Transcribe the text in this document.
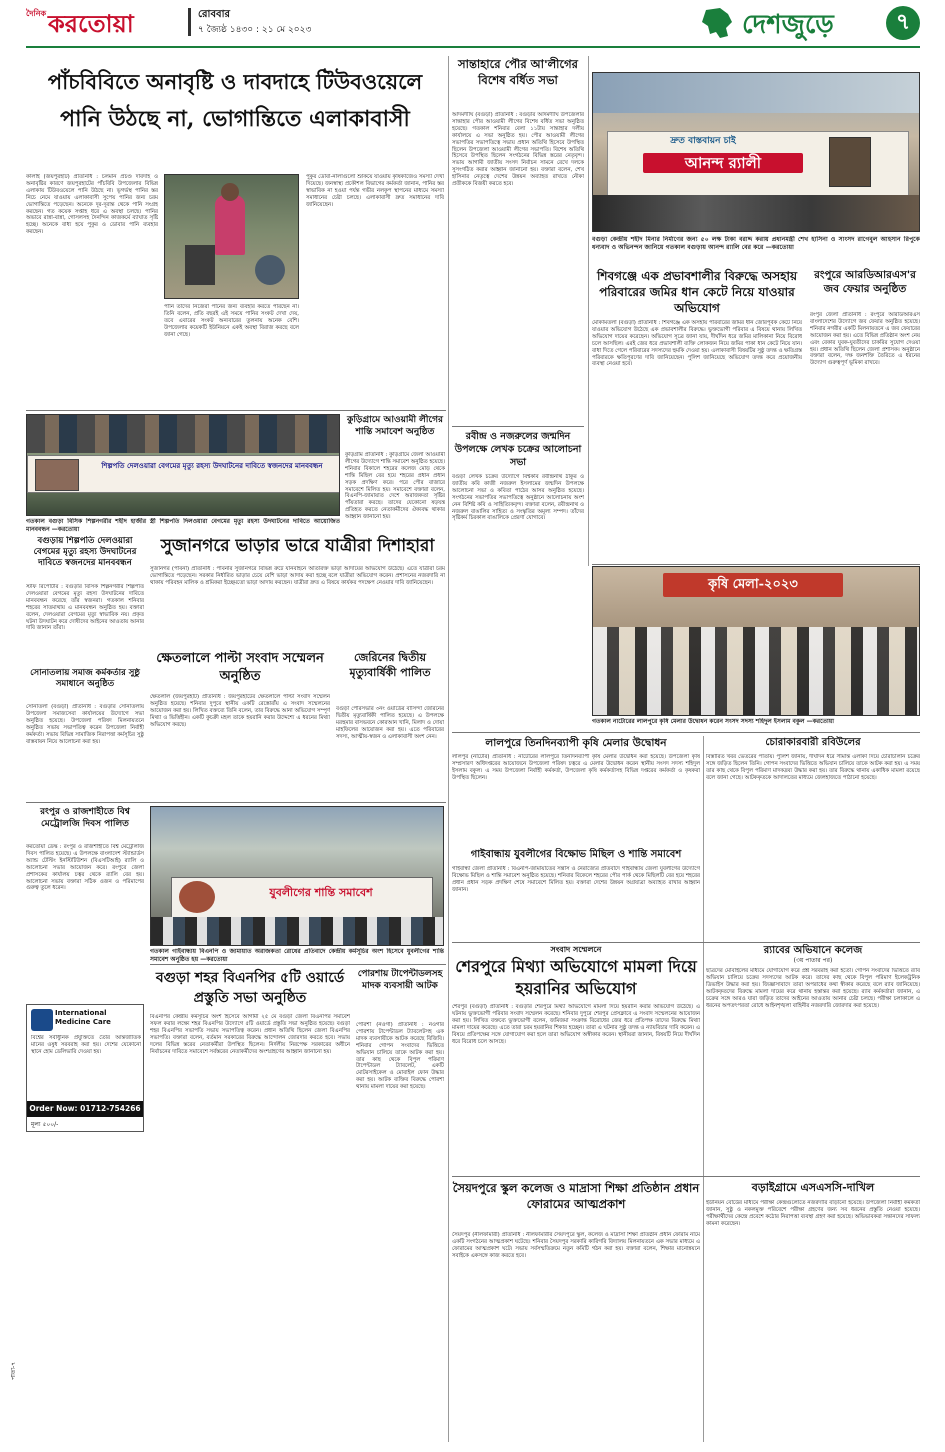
দৈনিক করতোয়া	রোববার
৭ জ্যৈষ্ঠ ১৪৩০ : ২১ মে ২০২৩	দেশজুড়ে	৭
পাঁচবিবিতে অনাবৃষ্টি ও দাবদাহে টিউবওয়েলে
পানি উঠছে না, ভোগান্তিতে এলাকাবাসী
কালাই (জয়পুরহাট) প্রতিনিধি : চলমান প্রচণ্ড দাবদাহ ও অনাবৃষ্টির কারণে জয়পুরহাটের পাঁচবিবি উপজেলার বিভিন্ন এলাকায় টিউবওয়েলে পানি উঠছে না। ভূগর্ভস্থ পানির স্তর নিচে নেমে যাওয়ায় এলাকাবাসী সুপেয় পানির জন্য চরম ভোগান্তিতে পড়েছেন। অনেকে দূর-দূরান্ত থেকে পানি সংগ্রহ করছেন। গত কয়েক সপ্তাহ ধরে এ অবস্থা চলছে। পানির অভাবে রান্না-বান্না, গোসলসহ দৈনন্দিন কাজকর্মে ব্যাঘাত সৃষ্টি হচ্ছে। অনেকে বাধ্য হয়ে পুকুর ও ডোবার পানি ব্যবহার করছেন।
পানি তাদের নিজেরা পানের জন্য ব্যবহার করতে পারছেন না। তিনি বলেন, প্রতি বছরই এই সময়ে পানির সংকট দেখা দেয়, তবে এবারের সংকট অন্যবারের তুলনায় অনেক বেশি। উপজেলার কয়েকটি ইউনিয়নে একই অবস্থা বিরাজ করছে বলে জানা গেছে।
পুকুর ডোবা-নালাগুলো শুকিয়ে যাওয়ায় কৃষিকাজেও সমস্যা দেখা দিয়েছে। জনস্বাস্থ্য প্রকৌশল বিভাগের কর্মকর্তা জানান, পানির স্তর স্বাভাবিক না হওয়া পর্যন্ত গভীর নলকূপ স্থাপনের মাধ্যমে সমস্যা সমাধানের চেষ্টা চলছে। এলাকাবাসী দ্রুত সমাধানের দাবি জানিয়েছেন।
সান্তাহারে পৌর আ'লীগের বিশেষ বর্ধিত সভা
আদমদীঘি (বগুড়া) প্রতিনিধি : বগুড়ার আদমদীঘি উপজেলার সান্তাহার পৌর আওয়ামী লীগের বিশেষ বর্ধিত সভা অনুষ্ঠিত হয়েছে। গতকাল শনিবার বেলা ১১টায় সান্তাহার দলীয় কার্যালয়ে এ সভা অনুষ্ঠিত হয়। পৌর আওয়ামী লীগের সভাপতির সভাপতিত্বে সভায় প্রধান অতিথি হিসেবে উপস্থিত ছিলেন উপজেলা আওয়ামী লীগের সভাপতি। বিশেষ অতিথি হিসেবে উপস্থিত ছিলেন সংগঠনের বিভিন্ন স্তরের নেতৃবৃন্দ। সভায় আগামী জাতীয় সংসদ নির্বাচন সামনে রেখে দলকে সুসংগঠিত করার আহ্বান জানানো হয়। বক্তারা বলেন, শেখ হাসিনার নেতৃত্বে দেশের উন্নয়ন অব্যাহত রাখতে নৌকা প্রতীককে বিজয়ী করতে হবে।
দ্রুত বাস্তবায়ন চাই
আনন্দ র‌্যালী
বগুড়া কেন্দ্রীয় শহীদ মিনার নির্মাণের জন্য ৫০ লক্ষ টাকা বরাদ্দ করায় প্রধানমন্ত্রী শেখ হাসিনা ও সাংসদ রাগেবুল আহসান রিপুকে ধন্যবাদ ও অভিনন্দন জানিয়ে গতকাল বগুড়ায় আনন্দ র‌্যালি বের করে —করতোয়া
শিবগঞ্জে এক প্রভাবশালীর বিরুদ্ধে অসহায় পরিবারের জমির ধান কেটে নিয়ে যাওয়ার অভিযোগ
মোকামতলা (বগুড়া) প্রতিনিধি : শিবগঞ্জে এক অসহায় পরিবারের জমির ধান জোরপূর্বক কেটে নিয়ে যাওয়ার অভিযোগ উঠেছে এক প্রভাবশালীর বিরুদ্ধে। ভুক্তভোগী পরিবার এ বিষয়ে থানায় লিখিত অভিযোগ দায়ের করেছেন। অভিযোগ সূত্রে জানা যায়, দীর্ঘদিন ধরে জমির মালিকানা নিয়ে বিরোধ চলে আসছিল। এরই জের ধরে প্রভাবশালী ব্যক্তি লোকজন নিয়ে জমির পাকা ধান কেটে নিয়ে যান। বাধা দিতে গেলে পরিবারের সদস্যদের হুমকি দেওয়া হয়। এলাকাবাসী বিষয়টির সুষ্ঠু তদন্ত ও ক্ষতিগ্রস্ত পরিবারকে ক্ষতিপূরণের দাবি জানিয়েছেন। পুলিশ জানিয়েছে অভিযোগ তদন্ত করে প্রয়োজনীয় ব্যবস্থা নেওয়া হবে।
রংপুরে আরডিআরএস'র জব ফেয়ার অনুষ্ঠিত
রংপুর জেলা প্রতিনিধি : রংপুরে আরডিআরএস বাংলাদেশের উদ্যোগে জব ফেয়ার অনুষ্ঠিত হয়েছে। শনিবার নগরীর একটি মিলনায়তনে এ জব ফেয়ারের আয়োজন করা হয়। এতে বিভিন্ন প্রতিষ্ঠান অংশ নেয় এবং বেকার যুবক-যুবতীদের চাকরির সুযোগ দেওয়া হয়। প্রধান অতিথি ছিলেন জেলা প্রশাসক। অনুষ্ঠানে বক্তারা বলেন, দক্ষ জনশক্তি তৈরিতে এ ধরনের উদ্যোগ গুরুত্বপূর্ণ ভূমিকা রাখবে।
শিল্পপতি দেলওয়ারা বেগমের মৃত্যু রহস্য উদঘাটনের দাবিতে স্বজনদের মানববন্ধন
গতকাল বগুড়া বিসিক শিল্পনগরীর শহীদ হাজীর স্ত্রী শিল্পপতি দিলওয়ারা বেগমের মৃত্যু রহস্য উদঘাটনের দাবিতে আয়োজিত মানববন্ধন —করতোয়া
কুড়িগ্রামে আওয়ামী লীগের শান্তি সমাবেশ অনুষ্ঠিত
কুড়িগ্রাম প্রতিনিধি : কুড়িগ্রামে জেলা আওয়ামী লীগের উদ্যোগে শান্তি সমাবেশ অনুষ্ঠিত হয়েছে। শনিবার বিকালে শহরের কলেজ মোড় থেকে শান্তি মিছিল বের হয়ে শহরের প্রধান প্রধান সড়ক প্রদক্ষিণ করে। পরে পৌর বাজারে সমাবেশে মিলিত হয়। সমাবেশে বক্তারা বলেন, বিএনপি-জামায়াত দেশে অরাজকতা সৃষ্টির পাঁয়তারা করছে। তাদের যেকোনো ষড়যন্ত্র প্রতিহত করতে নেতাকর্মীদের ঐক্যবদ্ধ থাকার আহ্বান জানানো হয়।
রবীন্দ্র ও নজরুলের জন্মদিন উপলক্ষে লেখক চক্রের আলোচনা সভা
বগুড়া লেখক চক্রের উদ্যোগে বিশ্বকবি রবীন্দ্রনাথ ঠাকুর ও জাতীয় কবি কাজী নজরুল ইসলামের জন্মদিন উপলক্ষে আলোচনা সভা ও কবিতা পাঠের আসর অনুষ্ঠিত হয়েছে। সংগঠনের সভাপতির সভাপতিত্বে অনুষ্ঠানে আলোচনায় অংশ নেন বিশিষ্ট কবি ও সাহিত্যিকবৃন্দ। বক্তারা বলেন, রবীন্দ্রনাথ ও নজরুল বাঙালির সাহিত্য ও সংস্কৃতির অমূল্য সম্পদ। তাঁদের সৃষ্টিকর্ম চিরকাল বাঙালিকে প্রেরণা যোগাবে।
সুজানগরে ভাড়ার ভারে যাত্রীরা দিশাহারা
সুজানগর (পাবনা) প্রতিনিধি : পাবনার সুজানগরে বিভিন্ন রুটে যানবাহনে অতিরিক্ত ভাড়া আদায়ের অভিযোগ উঠেছে। এতে যাত্রীরা চরম ভোগান্তিতে পড়েছেন। সরকার নির্ধারিত ভাড়ার চেয়ে বেশি ভাড়া আদায় করা হচ্ছে বলে যাত্রীরা অভিযোগ করেন। প্রশাসনের নজরদারি না থাকায় পরিবহন মালিক ও শ্রমিকরা ইচ্ছেমতো ভাড়া আদায় করছেন। যাত্রীরা দ্রুত এ বিষয়ে কার্যকর পদক্ষেপ নেওয়ার দাবি জানিয়েছেন।
বগুড়ায় শিল্পপতি দেলওয়ারা বেগমের মৃত্যু রহস্য উদঘাটনের দাবিতে স্বজনদের মানববন্ধন
স্টাফ রিপোর্টার : বগুড়ার বিসিক শিল্পনগরীর শিল্পপতি দেলওয়ারা বেগমের মৃত্যু রহস্য উদঘাটনের দাবিতে মানববন্ধন করেছে তাঁর স্বজনরা। গতকাল শনিবার শহরের সাতমাথায় এ মানববন্ধন অনুষ্ঠিত হয়। বক্তারা বলেন, দেলওয়ারা বেগমের মৃত্যু স্বাভাবিক নয়। প্রকৃত ঘটনা উদঘাটন করে দোষীদের আইনের আওতায় আনার দাবি জানান তাঁরা।
কৃষি মেলা-২০২৩
গতকাল নাটোরের লালপুরে কৃষি মেলার উদ্বোধন করেন সংসদ সদস্য শহিদুল ইসলাম বকুল —করতোয়া
সোনাতলায় সমাজ কর্মকর্তার সুষ্ঠু সমাধানে অনুষ্ঠিত
সোনাতলা (বগুড়া) প্রতিনিধি : বগুড়ার সোনাতলায় উপজেলা সমাজসেবা কার্যালয়ের উদ্যোগে সভা অনুষ্ঠিত হয়েছে। উপজেলা পরিষদ মিলনায়তনে অনুষ্ঠিত সভায় সভাপতিত্ব করেন উপজেলা নির্বাহী কর্মকর্তা। সভায় বিভিন্ন সামাজিক নিরাপত্তা কর্মসূচির সুষ্ঠু বাস্তবায়ন নিয়ে আলোচনা করা হয়।
ক্ষেতলালে পাল্টা সংবাদ সম্মেলন অনুষ্ঠিত
ক্ষেতলাল (জয়পুরহাট) প্রতিনিধি : জয়পুরহাটের ক্ষেতলালে পাল্টা সংবাদ সম্মেলন অনুষ্ঠিত হয়েছে। শনিবার দুপুরে স্থানীয় একটি রেস্তোরাঁয় এ সংবাদ সম্মেলনের আয়োজন করা হয়। লিখিত বক্তব্যে তিনি বলেন, তার বিরুদ্ধে আনা অভিযোগ সম্পূর্ণ মিথ্যা ও ভিত্তিহীন। একটি কুচক্রী মহল তাকে হয়রানি করার উদ্দেশ্যে এ ধরনের মিথ্যা অভিযোগ করছে।
জেরিনের দ্বিতীয় মৃত্যুবার্ষিকী পালিত
বগুড়া পৌরসভার ৩নং ওয়ার্ডের বাসিন্দা জেরিনের দ্বিতীয় মৃত্যুবার্ষিকী পালিত হয়েছে। এ উপলক্ষে মরহুমার বাসভবনে কোরআন খানি, মিলাদ ও দোয়া মাহফিলের আয়োজন করা হয়। এতে পরিবারের সদস্য, আত্মীয়-স্বজন ও এলাকাবাসী অংশ নেন।
লালপুরে তিনদিনব্যাপী কৃষি মেলার উদ্বোধন
লালপুর (নাটোর) প্রতিনিধি : নাটোরের লালপুরে তিনদিনব্যাপী কৃষি মেলার উদ্বোধন করা হয়েছে। উপজেলা কৃষি সম্প্রসারণ অধিদপ্তরের আয়োজনে উপজেলা পরিষদ চত্বরে এ মেলার উদ্বোধন করেন স্থানীয় সংসদ সদস্য শহিদুল ইসলাম বকুল। এ সময় উপজেলা নির্বাহী কর্মকর্তা, উপজেলা কৃষি কর্মকর্তাসহ বিভিন্ন দপ্তরের কর্মকর্তা ও কৃষকরা উপস্থিত ছিলেন।
চোরাকারবারী রবিউলের
বিস্তারিত খবর ভেতরের পাতায়। পুলিশ জানায়, দীর্ঘদিন ধরে সীমান্ত এলাকা দিয়ে চোরাচালান চক্রের সঙ্গে জড়িত ছিলেন তিনি। গোপন সংবাদের ভিত্তিতে অভিযান চালিয়ে তাকে আটক করা হয়। এ সময় তার কাছ থেকে বিপুল পরিমাণ মাদকদ্রব্য উদ্ধার করা হয়। তার বিরুদ্ধে থানায় একাধিক মামলা রয়েছে বলে জানা গেছে। আটককৃতকে আদালতের মাধ্যমে জেলহাজতে পাঠানো হয়েছে।
রংপুর ও রাজশাহীতে বিশ্ব মেট্রোলজি দিবস পালিত
করতোয়া ডেস্ক : রংপুর ও রাজশাহীতে বিশ্ব মেট্রোলজি দিবস পালিত হয়েছে। এ উপলক্ষে বাংলাদেশ স্ট্যান্ডার্ডস অ্যান্ড টেস্টিং ইনস্টিটিউশন (বিএসটিআই) র‌্যালি ও আলোচনা সভার আয়োজন করে। রংপুরে জেলা প্রশাসকের কার্যালয় চত্বর থেকে র‌্যালি বের হয়। আলোচনা সভায় বক্তারা সঠিক ওজন ও পরিমাপের গুরুত্ব তুলে ধরেন।	যুবলীগের শান্তি সমাবেশ
গতকাল গাইবান্ধায় বিএনপি ও জামায়াত অরাজকতা রোধের প্রতিবাদে কেন্দ্রীয় কর্মসূচির অংশ হিসেবে যুবলীগের শান্তি সমাবেশ অনুষ্ঠিত হয় —করতোয়া
গাইবান্ধায় যুবলীগের বিক্ষোভ মিছিল ও শান্তি সমাবেশ
গাইবান্ধা জেলা প্রতিনিধি : বিএনপি-জামায়াতের সন্ত্রাস ও নৈরাজ্যের প্রতিবাদে গাইবান্ধায় জেলা যুবলীগের উদ্যোগে বিক্ষোভ মিছিল ও শান্তি সমাবেশ অনুষ্ঠিত হয়েছে। শনিবার বিকেলে শহরের পৌর পার্ক থেকে মিছিলটি বের হয়ে শহরের প্রধান প্রধান সড়ক প্রদক্ষিণ শেষে সমাবেশে মিলিত হয়। বক্তারা দেশের উন্নয়ন অগ্রযাত্রা অব্যাহত রাখার আহ্বান জানান।
সংবাদ সম্মেলনে
শেরপুরে মিথ্যা অভিযোগে মামলা দিয়ে হয়রানির অভিযোগ
শেরপুর (বগুড়া) প্রতিনিধি : বগুড়ার শেরপুরে মিথ্যা অভিযোগে মামলা দিয়ে হয়রানি করার অভিযোগ উঠেছে। এ ঘটনায় ভুক্তভোগী পরিবার সংবাদ সম্মেলন করেছে। শনিবার দুপুরে শেরপুর প্রেসক্লাবে এ সংবাদ সম্মেলনের আয়োজন করা হয়। লিখিত বক্তব্যে ভুক্তভোগী বলেন, জমিজমা সংক্রান্ত বিরোধের জের ধরে প্রতিপক্ষ তাদের বিরুদ্ধে মিথ্যা মামলা দায়ের করেছে। এতে তারা চরম হয়রানির শিকার হচ্ছেন। তারা এ ঘটনার সুষ্ঠু তদন্ত ও ন্যায়বিচার দাবি করেন। এ বিষয়ে প্রতিপক্ষের সঙ্গে যোগাযোগ করা হলে তারা অভিযোগ অস্বীকার করেন। স্থানীয়রা জানান, বিষয়টি নিয়ে দীর্ঘদিন ধরে বিরোধ চলে আসছে।
র‌্যাবের অভিযানে কলেজ
(৩য় পাতার পর)
ছাত্রদের মোবাইলের মাধ্যমে যোগাযোগ করে প্রশ্ন সরবরাহ করা হতো। গোপন সংবাদের ভিত্তিতে র‌্যাব অভিযান চালিয়ে চক্রের সদস্যদের আটক করে। তাদের কাছ থেকে বিপুল পরিমাণ ইলেকট্রনিক ডিভাইস উদ্ধার করা হয়। জিজ্ঞাসাবাদে তারা অপরাধের কথা স্বীকার করেছে বলে র‌্যাব জানিয়েছে। আটককৃতদের বিরুদ্ধে মামলা দায়ের করে থানায় হস্তান্তর করা হয়েছে। র‌্যাব কর্মকর্তারা জানান, এ চক্রের সঙ্গে আরও যারা জড়িত তাদের আইনের আওতায় আনার চেষ্টা চলছে। পরীক্ষা চলাকালে এ ধরনের অপতৎপরতা রোধে আইনশৃঙ্খলা বাহিনীর নজরদারি জোরদার করা হয়েছে।
বগুড়া শহর বিএনপির ৫টি ওয়ার্ডে প্রস্তুতি সভা অনুষ্ঠিত
বিএনপির কেন্দ্রীয় কর্মসূচির অংশ হিসেবে আগামী ২৫ মে বগুড়া জেলা বিএনপির সমাবেশ সফল করার লক্ষ্যে শহর বিএনপির উদ্যোগে ৫টি ওয়ার্ডে প্রস্তুতি সভা অনুষ্ঠিত হয়েছে। বগুড়া শহর বিএনপির সভাপতি সভায় সভাপতিত্ব করেন। প্রধান অতিথি ছিলেন জেলা বিএনপির সভাপতি। বক্তারা বলেন, বর্তমান সরকারের বিরুদ্ধে আন্দোলন জোরদার করতে হবে। সভায় দলের বিভিন্ন স্তরের নেতাকর্মীরা উপস্থিত ছিলেন। নির্দলীয় নিরপেক্ষ সরকারের অধীনে নির্বাচনের দাবিতে সমাবেশে সর্বস্তরের নেতাকর্মীদের অংশগ্রহণের আহ্বান জানানো হয়।
পোরশায় টাপেন্টাডলসহ মাদক ব্যবসায়ী আটক
পোরশা (নওগাঁ) প্রতিনিধি : নওগাঁর পোরশায় টাপেন্টাডল ট্যাবলেটসহ এক মাদক ব্যবসায়ীকে আটক করেছে বিজিবি। শনিবার গোপন সংবাদের ভিত্তিতে অভিযান চালিয়ে তাকে আটক করা হয়। তার কাছ থেকে বিপুল পরিমাণ টাপেন্টাডল ট্যাবলেট, একটি মোটরসাইকেল ও মোবাইল ফোন উদ্ধার করা হয়। আটক ব্যক্তির বিরুদ্ধে পোরশা থানায় মামলা দায়ের করা হয়েছে।
International Medicine Care
বিশ্বের সর্বাধুনিক প্রযুক্তিতে তৈরি আন্তর্জাতিক মানের ওষুধ সরবরাহ করা হয়। দেশের যেকোনো স্থানে হোম ডেলিভারি দেওয়া হয়।
Order Now: 01712-754266
মূল্য ৫০০/-
সৈয়দপুরে স্কুল কলেজ ও মাদ্রাসা শিক্ষা প্রতিষ্ঠান প্রধান ফোরামের আত্মপ্রকাশ
সৈয়দপুর (নীলফামারী) প্রতিনিধি : নীলফামারীর সৈয়দপুরে স্কুল, কলেজ ও মাদ্রাসা শিক্ষা প্রতিষ্ঠান প্রধান ফোরাম নামে একটি সংগঠনের আত্মপ্রকাশ ঘটেছে। শনিবার সৈয়দপুর সরকারি কারিগরি বিদ্যালয় মিলনায়তনে এক সভার মাধ্যমে এ ফোরামের আত্মপ্রকাশ ঘটে। সভায় সর্বসম্মতিক্রমে নতুন কমিটি গঠন করা হয়। বক্তারা বলেন, শিক্ষার মানোন্নয়নে সবাইকে একসঙ্গে কাজ করতে হবে।
বড়াইগ্রামে এসএসসি-দাখিল
ইউনিয়ন বোর্ডের মাধ্যমে পরীক্ষা কেন্দ্রগুলোতে নজরদারি বাড়ানো হয়েছে। উপজেলা নির্বাহী কর্মকর্তা জানান, সুষ্ঠু ও নকলমুক্ত পরিবেশে পরীক্ষা গ্রহণের জন্য সব ধরনের প্রস্তুতি নেওয়া হয়েছে। পরীক্ষার্থীদের কেন্দ্রে প্রবেশে কঠোর নিরাপত্তা ব্যবস্থা গ্রহণ করা হয়েছে। অভিভাবকরা সন্তানদের সাফল্য কামনা করেছেন।
পাতা-৭
